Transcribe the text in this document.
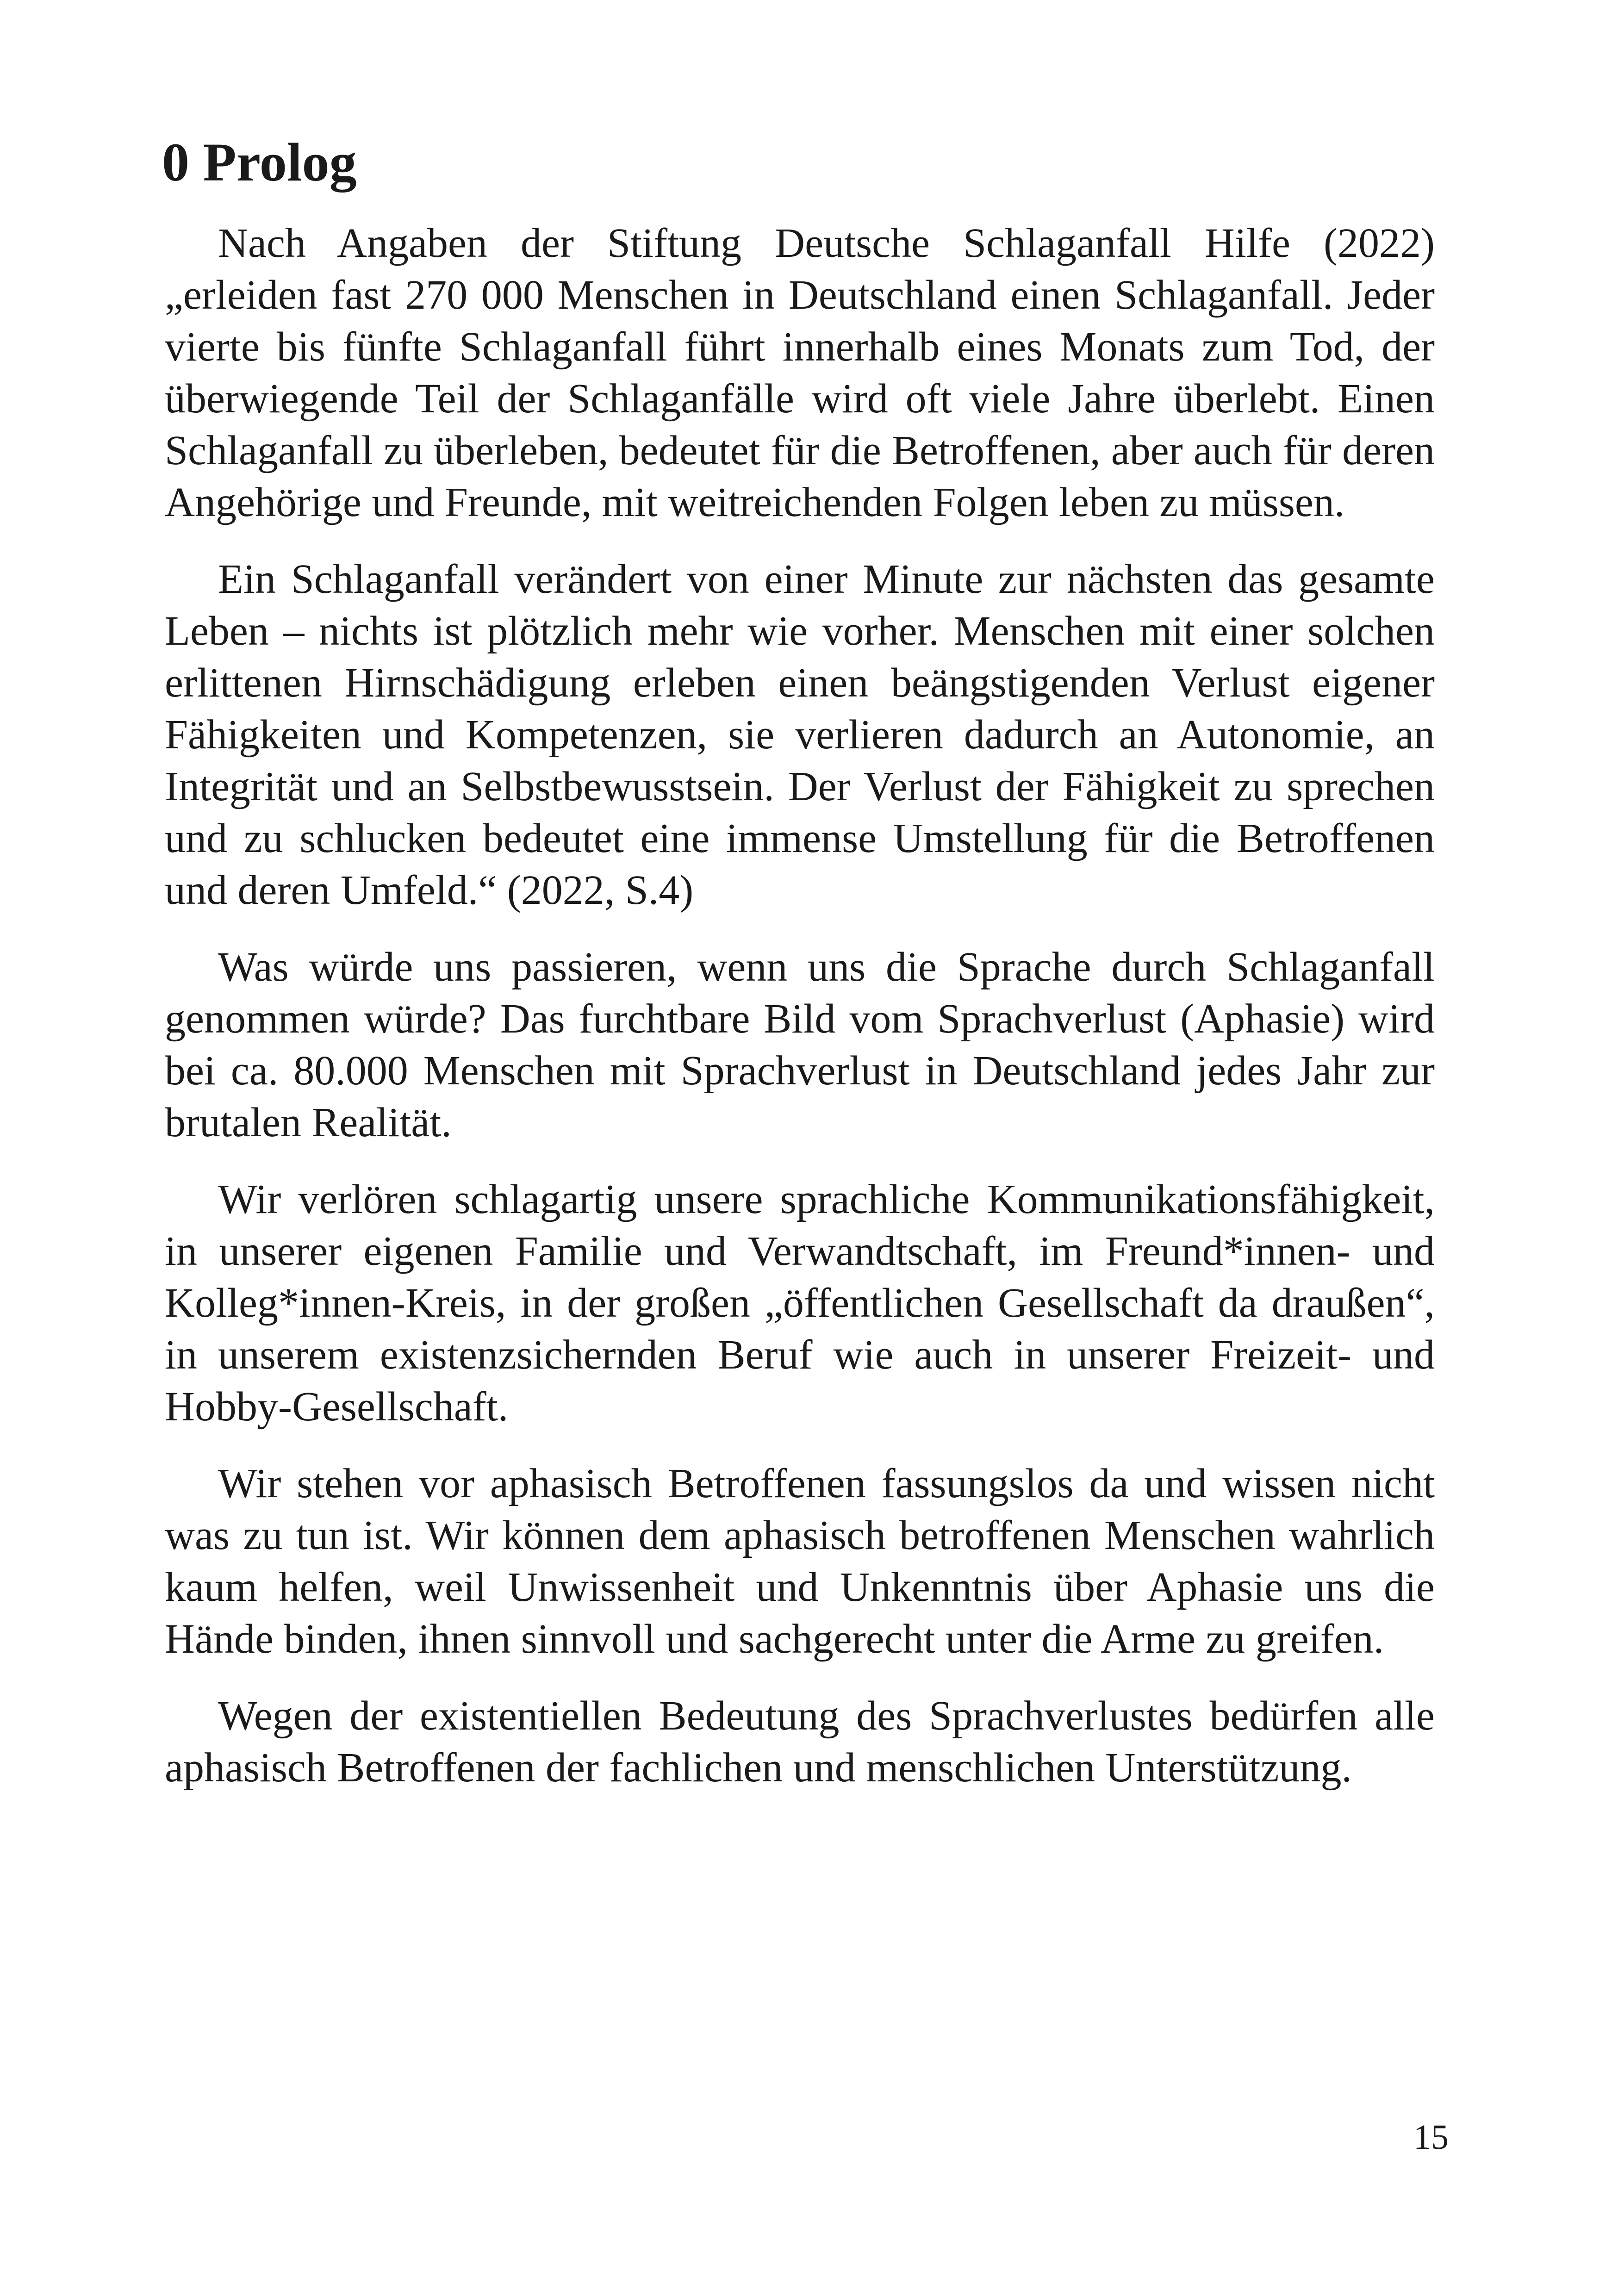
0 Prolog

Nach Angaben der Stiftung Deutsche Schlaganfall Hilfe (2022) „erleiden fast 270 000 Menschen in Deutschland einen Schlaganfall. Jeder vierte bis fünfte Schlaganfall führt innerhalb eines Monats zum Tod, der überwiegende Teil der Schlaganfälle wird oft viele Jahre überlebt. Einen Schlaganfall zu überleben, bedeutet für die Betroffenen, aber auch für deren Angehörige und Freunde, mit weitreichenden Folgen leben zu müssen.

Ein Schlaganfall verändert von einer Minute zur nächsten das gesamte Leben – nichts ist plötzlich mehr wie vorher. Menschen mit einer solchen erlittenen Hirnschädigung erleben einen beängstigenden Verlust eigener Fähigkeiten und Kompetenzen, sie verlieren dadurch an Autonomie, an Integrität und an Selbstbewusstsein. Der Verlust der Fähigkeit zu sprechen und zu schlucken bedeutet eine immense Umstellung für die Betroffenen und deren Umfeld.“ (2022, S.4)

Was würde uns passieren, wenn uns die Sprache durch Schlaganfall genommen würde? Das furchtbare Bild vom Sprachverlust (Aphasie) wird bei ca. 80.000 Menschen mit Sprachverlust in Deutschland jedes Jahr zur brutalen Realität.

Wir verlören schlagartig unsere sprachliche Kommunikationsfähigkeit, in unserer eigenen Familie und Verwandtschaft, im Freund*innen- und Kolleg*innen-Kreis, in der großen „öffentlichen Gesellschaft da draußen“, in unserem existenzsichernden Beruf wie auch in unserer Freizeit- und Hobby-Gesellschaft.

Wir stehen vor aphasisch Betroffenen fassungslos da und wissen nicht was zu tun ist. Wir können dem aphasisch betroffenen Menschen wahrlich kaum helfen, weil Unwissenheit und Unkenntnis über Aphasie uns die Hände binden, ihnen sinnvoll und sachgerecht unter die Arme zu greifen.

Wegen der existentiellen Bedeutung des Sprachverlustes bedürfen alle aphasisch Betroffenen der fachlichen und menschlichen Unterstützung.

15
